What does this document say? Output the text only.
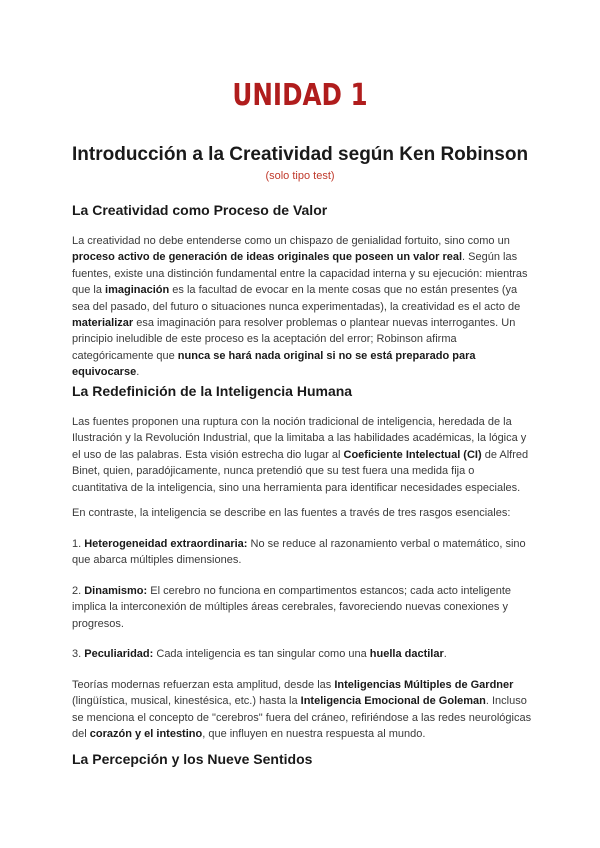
UNIDAD 1
Introducción a la Creatividad según Ken Robinson
(solo tipo test)
La Creatividad como Proceso de Valor

La creatividad no debe entenderse como un chispazo de genialidad fortuito, sino como un proceso activo de generación de ideas originales que poseen un valor real. Según las fuentes, existe una distinción fundamental entre la capacidad interna y su ejecución: mientras que la imaginación es la facultad de evocar en la mente cosas que no están presentes (ya sea del pasado, del futuro o situaciones nunca experimentadas), la creatividad es el acto de materializar esa imaginación para resolver problemas o plantear nuevas interrogantes. Un principio ineludible de este proceso es la aceptación del error; Robinson afirma categóricamente que nunca se hará nada original si no se está preparado para equivocarse.

La Redefinición de la Inteligencia Humana

Las fuentes proponen una ruptura con la noción tradicional de inteligencia, heredada de la Ilustración y la Revolución Industrial, que la limitaba a las habilidades académicas, la lógica y el uso de las palabras. Esta visión estrecha dio lugar al Coeficiente Intelectual (CI) de Alfred Binet, quien, paradójicamente, nunca pretendió que su test fuera una medida fija o cuantitativa de la inteligencia, sino una herramienta para identificar necesidades especiales.

En contraste, la inteligencia se describe en las fuentes a través de tres rasgos esenciales:

1. Heterogeneidad extraordinaria: No se reduce al razonamiento verbal o matemático, sino que abarca múltiples dimensiones.

2. Dinamismo: El cerebro no funciona en compartimentos estancos; cada acto inteligente implica la interconexión de múltiples áreas cerebrales, favoreciendo nuevas conexiones y progresos.

3. Peculiaridad: Cada inteligencia es tan singular como una huella dactilar.

Teorías modernas refuerzan esta amplitud, desde las Inteligencias Múltiples de Gardner (lingüística, musical, kinestésica, etc.) hasta la Inteligencia Emocional de Goleman. Incluso se menciona el concepto de "cerebros" fuera del cráneo, refiriéndose a las redes neurológicas del corazón y el intestino, que influyen en nuestra respuesta al mundo.

La Percepción y los Nueve Sentidos
